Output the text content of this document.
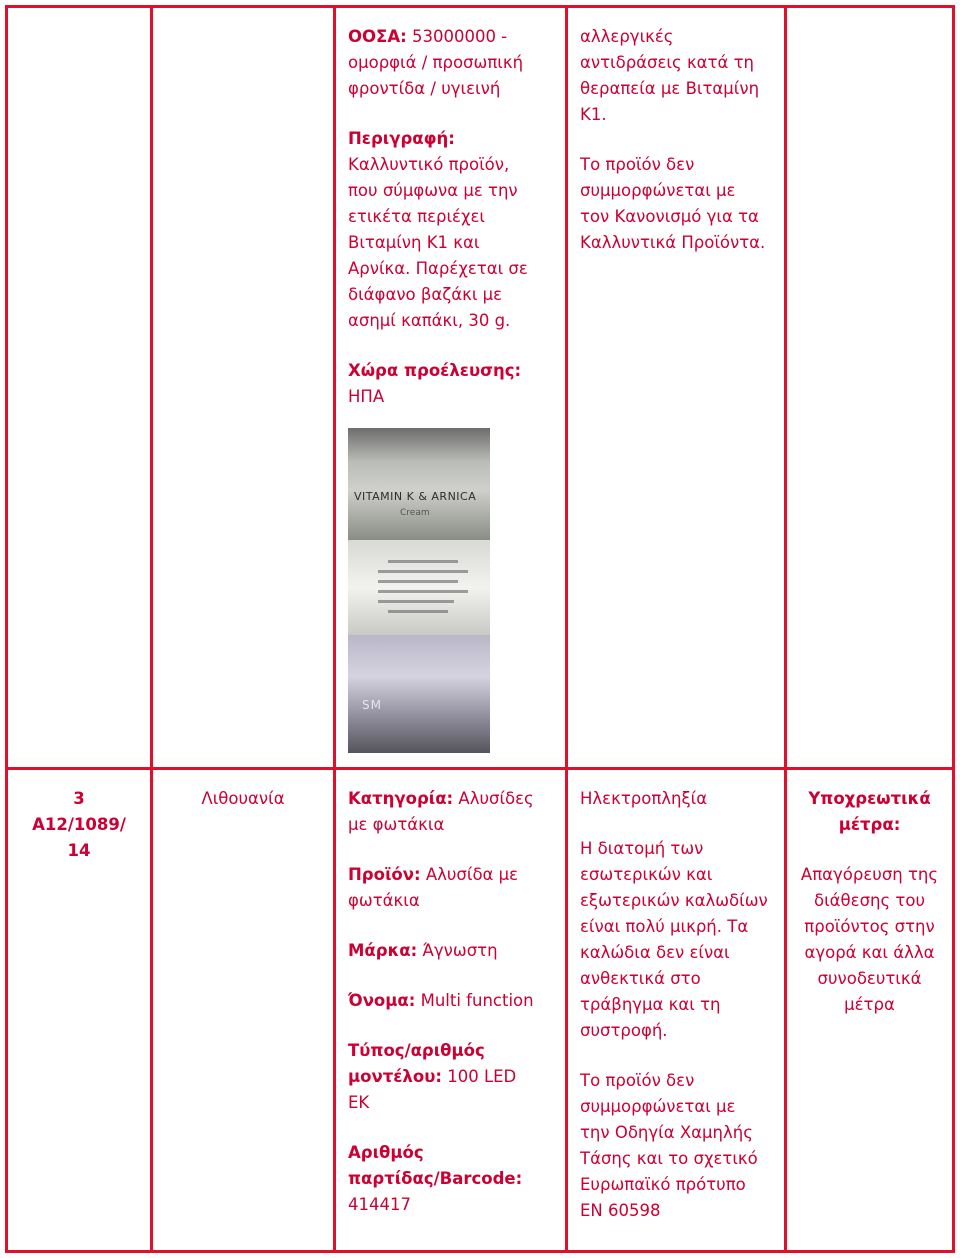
ΟΟΣΑ: 53000000 -

ομορφιά / προσωπική

φροντίδα / υγιεινή

Περιγραφή:

Καλλυντικό προϊόν,

που σύμφωνα με την

ετικέτα περιέχει

Βιταμίνη Κ1 και

Αρνίκα. Παρέχεται σε

διάφανο βαζάκι με

ασημί καπάκι, 30 g.

Χώρα προέλευσης:

ΗΠΑ

VITAMIN K & ARNICA
Cream
SM

αλλεργικές

αντιδράσεις κατά τη

θεραπεία με Βιταμίνη

Κ1.

Το προϊόν δεν

συμμορφώνεται με

τον Κανονισμό για τα

Καλλυντικά Προϊόντα.

3

A12/1089/

14

Λιθουανία	Κατηγορία: Αλυσίδες

με φωτάκια

Προϊόν: Αλυσίδα με

φωτάκια

Μάρκα: Άγνωστη

Όνομα: Multi function

Τύπος/αριθμός

μοντέλου: 100 LED

ΕΚ

Αριθμός

παρτίδας/Barcode:

414417

Ηλεκτροπληξία

Η διατομή των

εσωτερικών και

εξωτερικών καλωδίων

είναι πολύ μικρή. Τα

καλώδια δεν είναι

ανθεκτικά στο

τράβηγμα και τη

συστροφή.

Το προϊόν δεν

συμμορφώνεται με

την Οδηγία Χαμηλής

Τάσης και το σχετικό

Ευρωπαϊκό πρότυπο

ΕΝ 60598

Υποχρεωτικά

μέτρα:

Απαγόρευση της

διάθεσης του

προϊόντος στην

αγορά και άλλα

συνοδευτικά

μέτρα
